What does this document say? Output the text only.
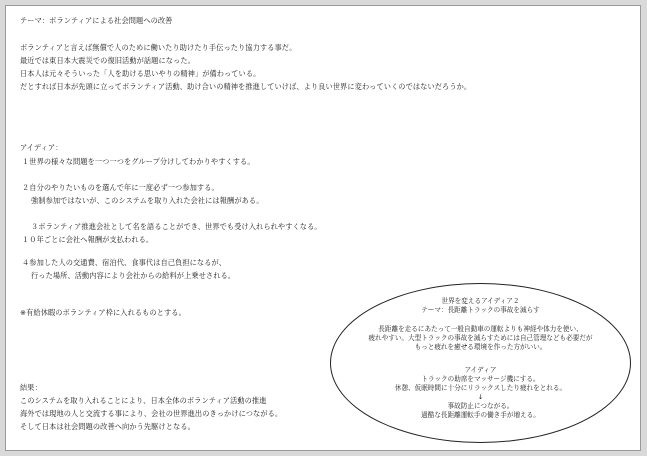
テーマ：ボランティアによる社会問題への改善
ボランティアと言えば無償で人のために働いたり助けたり手伝ったり協力する事だ。
最近では東日本大震災での復旧活動が話題になった。
日本人は元々そういった「人を助ける思いやりの精神」が備わっている。
だとすれば日本が先頭に立ってボランティア活動、助け合いの精神を推進していけば、より良い世界に変わっていくのではないだろうか。
アイディア：
１世界の様々な問題を一つ一つをグループ分けしてわかりやすくする。
２自分のやりたいものを選んで年に一度必ず一つ参加する。
強制参加ではないが、このシステムを取り入れた会社には報酬がある。
３ボランティア推進会社として名を語ることができ、世界でも受け入れられやすくなる。
１０年ごとに会社へ報酬が支払われる。
４参加した人の交通費、宿泊代、食事代は自己負担になるが、
行った場所、活動内容により会社からの給料が上乗せされる。
※有給休暇のボランティア枠に入れるものとする。
結果：
このシステムを取り入れることにより、日本全体のボランティア活動の推進
海外では現地の人と交流する事により、会社の世界進出のきっかけにつながる。
そして日本は社会問題の改善へ向かう先駆けとなる。
世界を変えるアイディア２
テーマ：長距離トラックの事故を減らす
長距離を走るにあたって一般自動車の運転よりも神経や体力を使い、
疲れやすい。大型トラックの事故を減らすためには自己管理なども必要だが
もっと疲れを癒せる環境を作った方がいい。
アイディア
トラックの助席をマッサージ機にする。
休憩、仮眠時間に十分にリラックスしたり疲れをとれる。
↓
事故防止につながる。
過酷な長距離運転手の働き手が増える。
